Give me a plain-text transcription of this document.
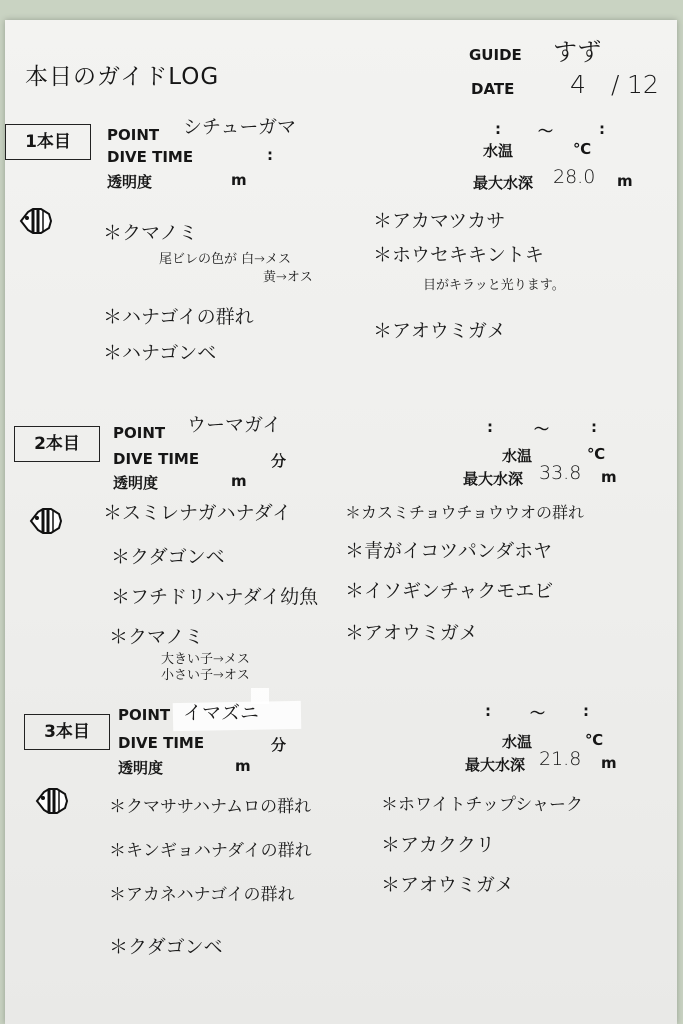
本日のガイドLOG
GUIDE すず
DATE 4 / 12
1本目	POINT シチューガマ
DIVE TIME	:
透明度	m
: ～	:
水温	℃
最大水深 28.0 m
＊クマノミ
尾ビレの色が 白→メス
黄→オス
＊ハナゴイの群れ
＊ハナゴンベ
＊アカマツカサ
＊ホウセキキントキ
目がキラッと光ります。
＊アオウミガメ
2本目
POINT ウーマガイ
DIVE TIME	分
透明度	m
:	～	:
水温	℃
最大水深 33.8 m
＊スミレナガハナダイ
＊クダゴンベ
＊フチドリハナダイ幼魚
＊クマノミ
大きい子→メス
小さい子→オス
＊カスミチョウチョウウオの群れ
＊青がイコツパンダホヤ
＊イソギンチャクモエビ
＊アオウミガメ
3本目
POINT イマズニ
DIVE TIME	分
透明度	m
:	～	:
水温	℃
最大水深 21.8 m
＊クマササハナムロの群れ
＊キンギョハナダイの群れ
＊アカネハナゴイの群れ
＊クダゴンベ
＊ホワイトチップシャーク
＊アカククリ
＊アオウミガメ
